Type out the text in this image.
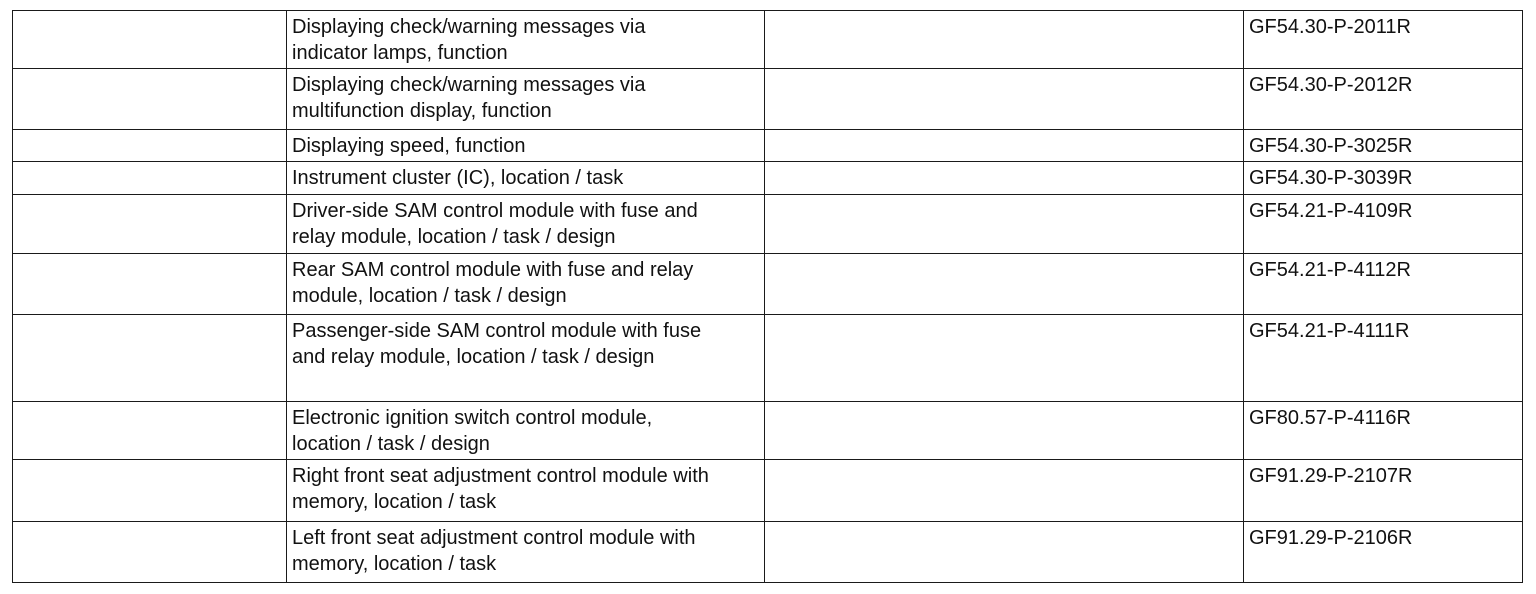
	Displaying check/warning messages via indicator lamps, function		GF54.30-P-2011R
	Displaying check/warning messages via multifunction display, function		GF54.30-P-2012R
	Displaying speed, function		GF54.30-P-3025R
	Instrument cluster (IC), location / task		GF54.30-P-3039R
	Driver-side SAM control module with fuse and relay module, location / task / design		GF54.21-P-4109R
	Rear SAM control module with fuse and relay module, location / task / design		GF54.21-P-4112R
	Passenger-side SAM control module with fuse and relay module, location / task / design		GF54.21-P-4111R
	Electronic ignition switch control module, location / task / design		GF80.57-P-4116R
	Right front seat adjustment control module with memory, location / task		GF91.29-P-2107R
	Left front seat adjustment control module with memory, location / task		GF91.29-P-2106R
